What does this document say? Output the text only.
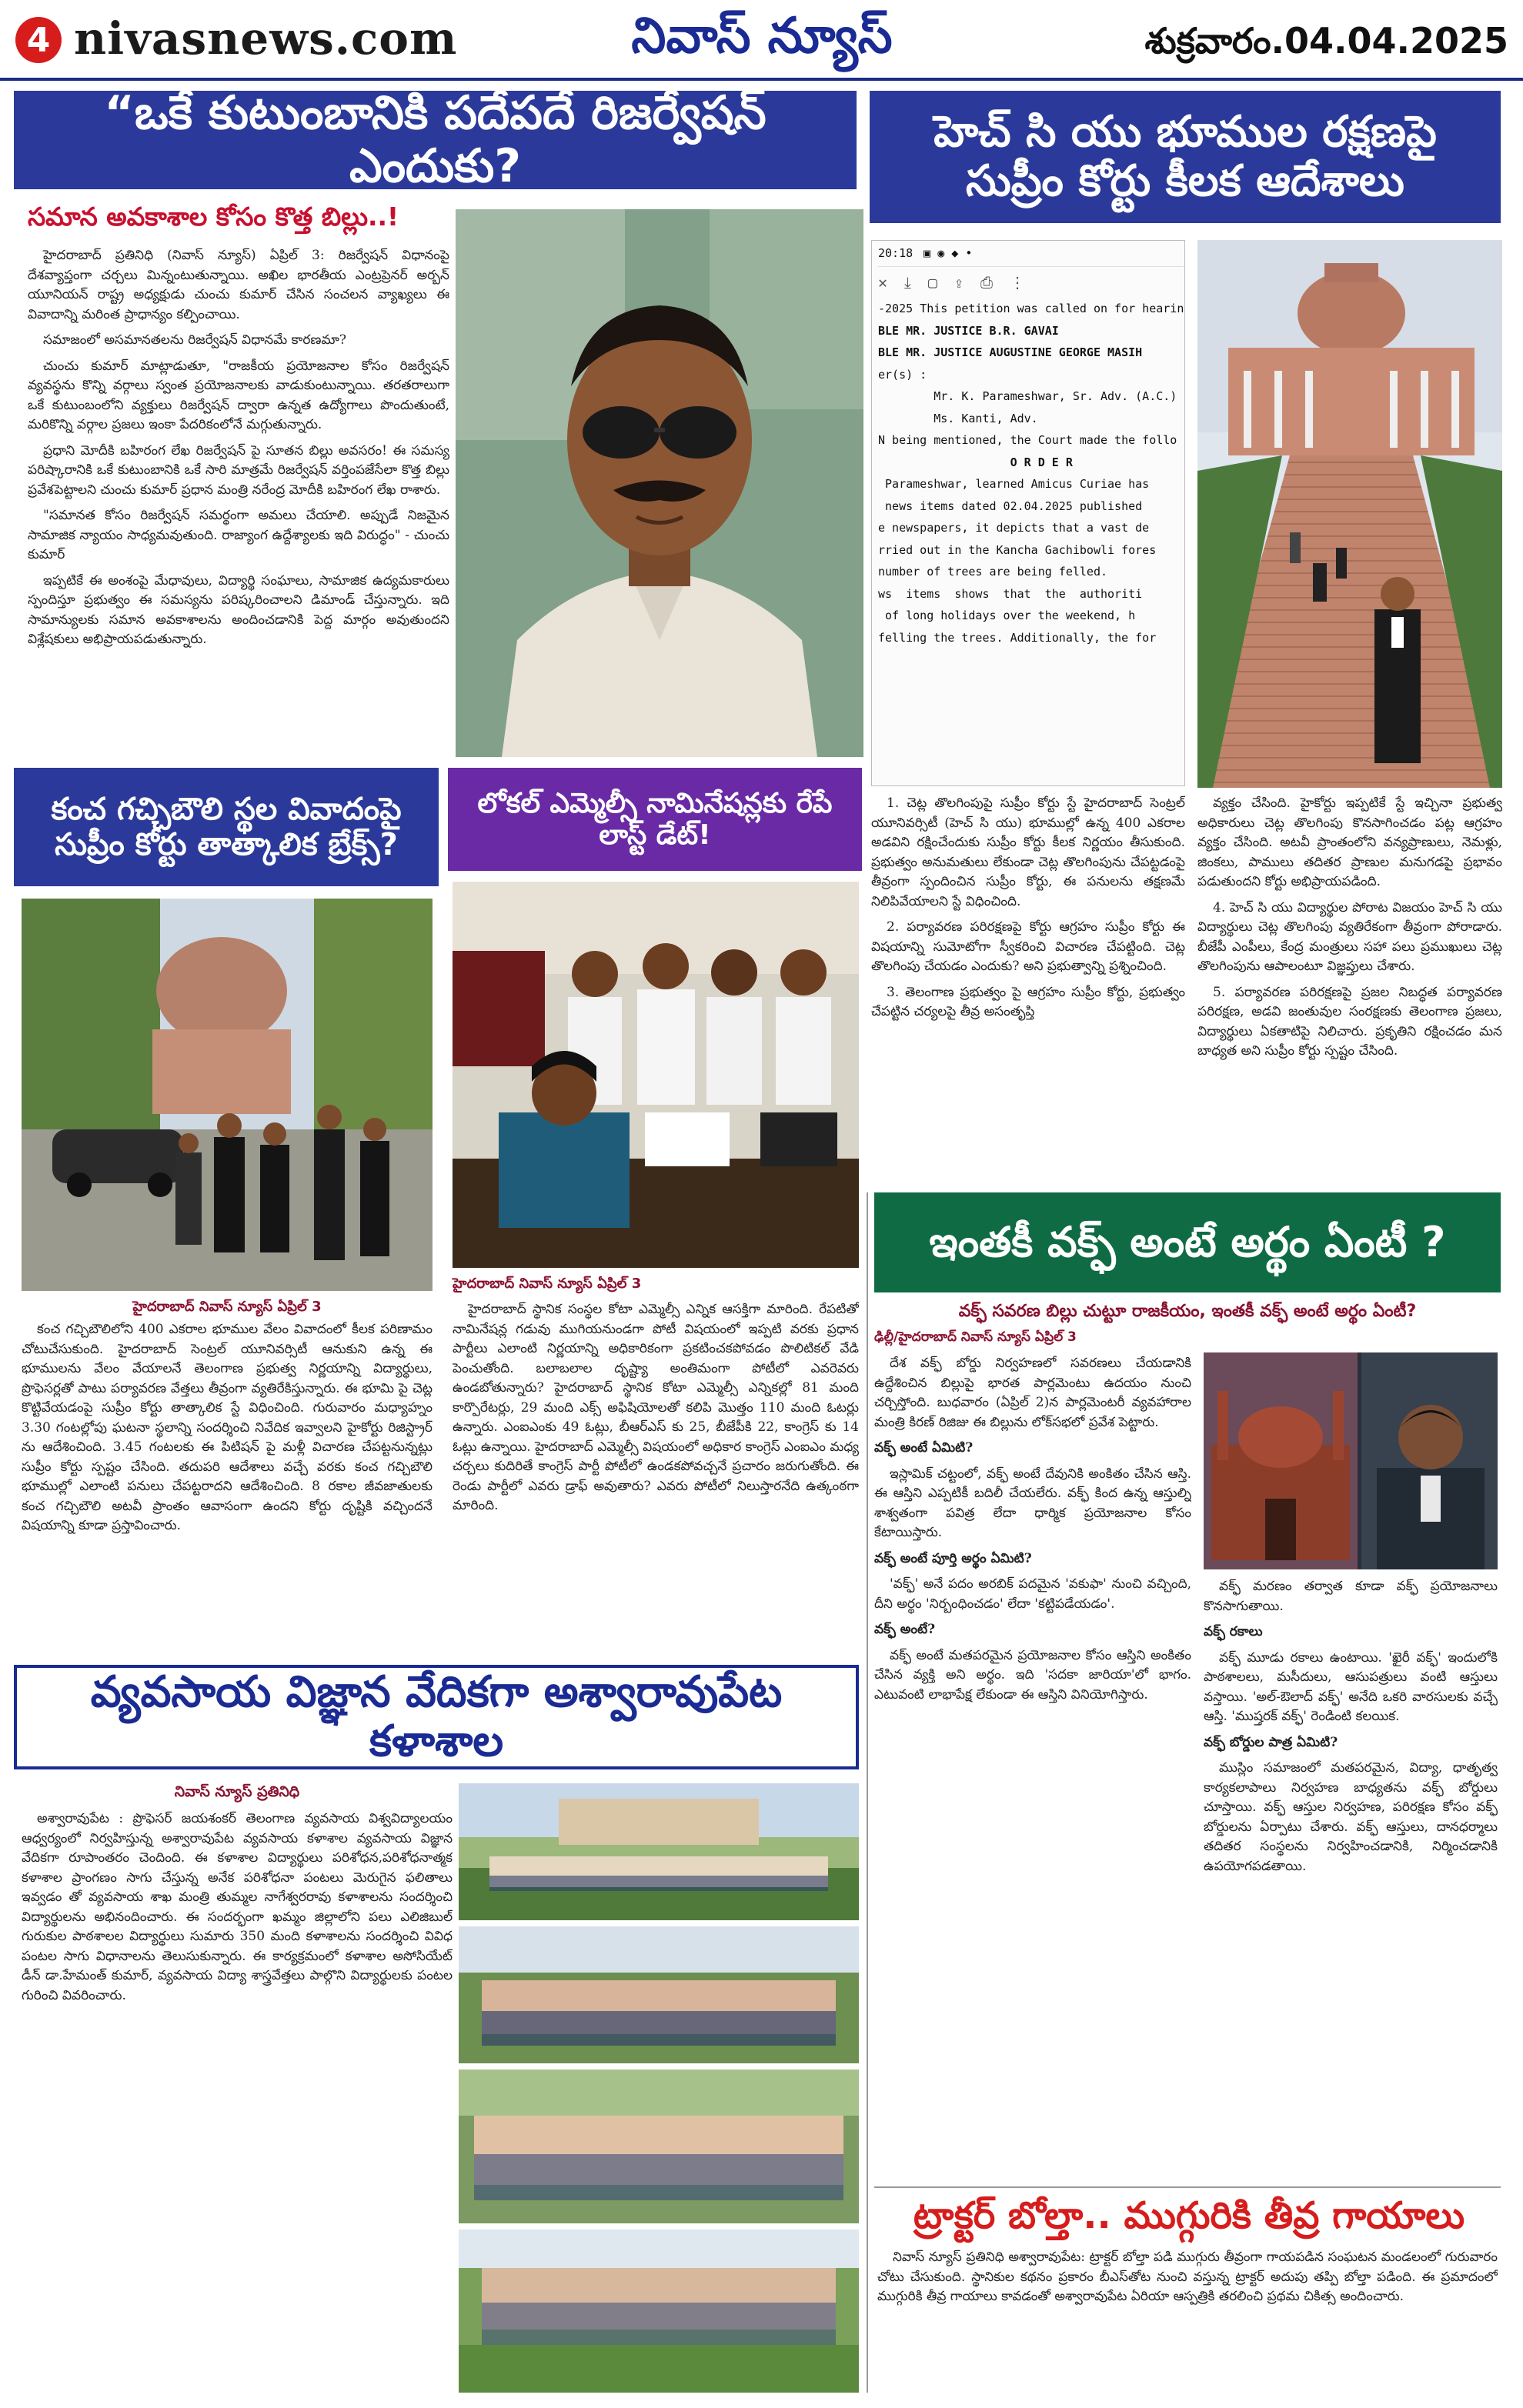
4 nivasnews.com	నివాస్ న్యూస్	శుక్రవారం.04.04.2025
“ఒకే కుటుంబానికి పదేపదే రిజర్వేషన్ ఎందుకు?
సమాన అవకాశాల కోసం కొత్త బిల్లు..!

హైదరాబాద్ ప్రతినిధి (నివాస్ న్యూస్) ఏప్రిల్ 3: రిజర్వేషన్ విధానంపై దేశవ్యాప్తంగా చర్చలు మిన్నంటుతున్నాయి. అఖిల భారతీయ ఎంట్రప్రెనర్ అర్బన్ యూనియన్ రాష్ట్ర అధ్యక్షుడు చుంచు కుమార్ చేసిన సంచలన వ్యాఖ్యలు ఈ వివాదాన్ని మరింత ప్రాధాన్యం కల్పించాయి.

సమాజంలో అసమానతలను రిజర్వేషన్ విధానమే కారణమా?

చుంచు కుమార్ మాట్లాడుతూ, "రాజకీయ ప్రయోజనాల కోసం రిజర్వేషన్ వ్యవస్థను కొన్ని వర్గాలు స్వంత ప్రయోజనాలకు వాడుకుంటున్నాయి. తరతరాలుగా ఒకే కుటుంబంలోని వ్యక్తులు రిజర్వేషన్ ద్వారా ఉన్నత ఉద్యోగాలు పొందుతుంటే, మరికొన్ని వర్గాల ప్రజలు ఇంకా పేదరికంలోనే మగ్గుతున్నారు.

ప్రధాని మోదీకి బహిరంగ లేఖ రిజర్వేషన్ పై సూతన బిల్లు అవసరం! ఈ సమస్య పరిష్కారానికి ఒకే కుటుంబానికి ఒకే సారి మాత్రమే రిజర్వేషన్ వర్తింపజేసేలా కొత్త బిల్లు ప్రవేశపెట్టాలని చుంచు కుమార్ ప్రధాన మంత్రి నరేంద్ర మోదీకి బహిరంగ లేఖ రాశారు.

"సమానత కోసం రిజర్వేషన్ సమర్థంగా అమలు చేయాలి. అప్పుడే నిజమైన సామాజిక న్యాయం సాధ్యమవుతుంది. రాజ్యాంగ ఉద్దేశ్యాలకు ఇది విరుద్ధం" - చుంచు కుమార్

ఇప్పటికే ఈ అంశంపై మేధావులు, విద్యార్థి సంఘాలు, సామాజిక ఉద్యమకారులు స్పందిస్తూ ప్రభుత్వం ఈ సమస్యను పరిష్కరించాలని డిమాండ్ చేస్తున్నారు. ఇది సామాన్యులకు సమాన అవకాశాలను అందించడానికి పెద్ద మార్గం అవుతుందని విశ్లేషకులు అభిప్రాయపడుతున్నారు.

హెచ్ సి యు భూముల రక్షణపై సుప్రీం కోర్టు కీలక ఆదేశాలు
20:18 ▣ ◉ ◆ •
✕ ⤓ ▢ ⇪ ⎙ ⋮
-2025 This petition was called on for hearin
BLE MR. JUSTICE B.R. GAVAI
BLE MR. JUSTICE AUGUSTINE GEORGE MASIH
er(s) :
Mr. K. Parameshwar, Sr. Adv. (A.C.)
Ms. Kanti, Adv.
N being mentioned, the Court made the follo
O R D E R
Parameshwar, learned Amicus Curiae has
news items dated 02.04.2025 published
e newspapers, it depicts that a vast de
rried out in the Kancha Gachibowli fores
number of trees are being felled.
ws  items  shows  that  the  authoriti
of long holidays over the weekend, h
felling the trees. Additionally, the for

1. చెట్ల తొలగింపుపై సుప్రీం కోర్టు స్టే హైదరాబాద్ సెంట్రల్ యూనివర్సిటీ (హెచ్ సి యు) భూముల్లో ఉన్న 400 ఎకరాల అడవిని రక్షించేందుకు సుప్రీం కోర్టు కీలక నిర్ణయం తీసుకుంది. ప్రభుత్వం అనుమతులు లేకుండా చెట్ల తొలగింపును చేపట్టడంపై తీవ్రంగా స్పందించిన సుప్రీం కోర్టు, ఈ పనులను తక్షణమే నిలిపివేయాలని స్టే విధించింది.

2. పర్యావరణ పరిరక్షణపై కోర్టు ఆగ్రహం సుప్రీం కోర్టు ఈ విషయాన్ని సుమోటోగా స్వీకరించి విచారణ చేపట్టింది. చెట్ల తొలగింపు చేయడం ఎందుకు? అని ప్రభుత్వాన్ని ప్రశ్నించింది.

3. తెలంగాణ ప్రభుత్వం పై ఆగ్రహం సుప్రీం కోర్టు, ప్రభుత్వం చేపట్టిన చర్యలపై తీవ్ర అసంతృప్తి

వ్యక్తం చేసింది. హైకోర్టు ఇప్పటికే స్టే ఇచ్చినా ప్రభుత్వ అధికారులు చెట్ల తొలగింపు కొనసాగించడం పట్ల ఆగ్రహం వ్యక్తం చేసింది. అటవీ ప్రాంతంలోని వన్యప్రాణులు, నెమళ్లు, జింకలు, పాములు తదితర ప్రాణుల మనుగడపై ప్రభావం పడుతుందని కోర్టు అభిప్రాయపడింది.

4. హెచ్ సి యు విద్యార్థుల పోరాట విజయం హెచ్ సి యు విద్యార్థులు చెట్ల తొలగింపు వ్యతిరేకంగా తీవ్రంగా పోరాడారు. బీజేపీ ఎంపీలు, కేంద్ర మంత్రులు సహా పలు ప్రముఖులు చెట్ల తొలగింపును ఆపాలంటూ విజ్ఞప్తులు చేశారు.

5. పర్యావరణ పరిరక్షణపై ప్రజల నిబద్ధత పర్యావరణ పరిరక్షణ, అడవి జంతువుల సంరక్షణకు తెలంగాణ ప్రజలు, విద్యార్థులు ఏకతాటిపై నిలిచారు. ప్రకృతిని రక్షించడం మన బాధ్యత అని సుప్రీం కోర్టు స్పష్టం చేసింది.

కంచ గచ్చిబౌలి స్థల వివాదంపై సుప్రీం కోర్టు తాత్కాలిక బ్రేక్స్?
హైదరాబాద్ నివాస్ న్యూస్ ఏప్రిల్ 3

కంచ గచ్చిబౌలిలోని 400 ఎకరాల భూముల వేలం వివాదంలో కీలక పరిణామం చోటుచేసుకుంది. హైదరాబాద్ సెంట్రల్ యూనివర్సిటీ ఆనుకుని ఉన్న ఈ భూములను వేలం వేయాలనే తెలంగాణ ప్రభుత్వ నిర్ణయాన్ని విద్యార్థులు, ప్రొఫెసర్లతో పాటు పర్యావరణ వేత్తలు తీవ్రంగా వ్యతిరేకిస్తున్నారు. ఈ భూమి పై చెట్ల కొట్టివేయడంపై సుప్రీం కోర్టు తాత్కాలిక స్టే విధించింది. గురువారం మధ్యాహ్నం 3.30 గంటల్లోపు ఘటనా స్థలాన్ని సందర్శించి నివేదిక ఇవ్వాలని హైకోర్టు రిజిస్ట్రార్ ను ఆదేశించింది. 3.45 గంటలకు ఈ పిటిషన్ పై మళ్లీ విచారణ చేపట్టనున్నట్లు సుప్రీం కోర్టు స్పష్టం చేసింది. తదుపరి ఆదేశాలు వచ్చే వరకు కంచ గచ్చిబౌలి భూముల్లో ఎలాంటి పనులు చేపట్టరాదని ఆదేశించింది. 8 రకాల జీవజాతులకు కంచ గచ్చిబౌలి అటవీ ప్రాంతం ఆవాసంగా ఉందని కోర్టు దృష్టికి వచ్చిందనే విషయాన్ని కూడా ప్రస్తావించారు.

లోకల్ ఎమ్మెల్సీ నామినేషన్లకు రేపే లాస్ట్ డేట్!
హైదరాబాద్ నివాస్ న్యూస్ ఏప్రిల్ 3

హైదరాబాద్ స్థానిక సంస్థల కోటా ఎమ్మెల్సీ ఎన్నిక ఆసక్తిగా మారింది. రేపటితో నామినేషన్ల గడువు ముగియనుండగా పోటీ విషయంలో ఇప్పటి వరకు ప్రధాన పార్టీలు ఎలాంటి నిర్ణయాన్ని అధికారికంగా ప్రకటించకపోవడం పొలిటికల్ వేడి పెంచుతోంది. బలాబలాల దృష్ట్యా అంతిమంగా పోటీలో ఎవరెవరు ఉండబోతున్నారు? హైదరాబాద్ స్థానిక కోటా ఎమ్మెల్సీ ఎన్నికల్లో 81 మంది కార్పొరేటర్లు, 29 మంది ఎక్స్ అఫిషియోలతో కలిపి మొత్తం 110 మంది ఓటర్లు ఉన్నారు. ఎంఐఎంకు 49 ఓట్లు, బీఆర్ఎస్ కు 25, బీజేపీకి 22, కాంగ్రెస్ కు 14 ఓట్లు ఉన్నాయి. హైదరాబాద్ ఎమ్మెల్సీ విషయంలో అధికార కాంగ్రెస్ ఎంఐఎం మధ్య చర్చలు కుదిరితే కాంగ్రెస్ పార్టీ పోటీలో ఉండకపోవచ్చనే ప్రచారం జరుగుతోంది. ఈ రెండు పార్టీలో ఎవరు డ్రాఫ్ అవుతారు? ఎవరు పోటీలో నిలుస్తారనేది ఉత్కంఠగా మారింది.

ఇంతకీ వక్ఫ్ అంటే అర్థం ఏంటీ ?
వక్ఫ్ సవరణ బిల్లు చుట్టూ రాజకీయం, ఇంతకీ వక్ఫ్ అంటే అర్థం ఏంటీ?
ఢిల్లీ/హైదరాబాద్ నివాస్ న్యూస్ ఏప్రిల్ 3

దేశ వక్ఫ్ బోర్డు నిర్వహణలో సవరణలు చేయడానికి ఉద్దేశించిన బిల్లుపై భారత పార్లమెంటు ఉదయం నుంచి చర్చిస్తోంది. బుధవారం (ఏప్రిల్ 2)న పార్లమెంటరీ వ్యవహారాల మంత్రి కిరణ్ రిజిజు ఈ బిల్లును లోక్‌సభలో ప్రవేశ పెట్టారు.

వక్ఫ్ అంటే ఏమిటి?

ఇస్లామిక్ చట్టంలో, వక్ఫ్ అంటే దేవునికి అంకితం చేసిన ఆస్తి. ఈ ఆస్తిని ఎప్పటికీ బదిలీ చేయలేరు. వక్ఫ్ కింద ఉన్న ఆస్తుల్ని శాశ్వతంగా పవిత్ర లేదా ధార్మిక ప్రయోజనాల కోసం కేటాయిస్తారు.

వక్ఫ్ అంటే పూర్తి అర్థం ఏమిటి?

'వక్ఫ్' అనే పదం అరబిక్ పదమైన 'వకుఫా' నుంచి వచ్చింది, దీని అర్థం 'నిర్బంధించడం' లేదా 'కట్టిపడేయడం'.

వక్ఫ్ అంటే?

వక్ఫ్ అంటే మతపరమైన ప్రయోజనాల కోసం ఆస్తిని అంకితం చేసిన వ్యక్తి అని అర్థం. ఇది 'సదకా జారియా'లో భాగం. ఎటువంటి లాభాపేక్ష లేకుండా ఈ ఆస్తిని వినియోగిస్తారు.

వక్ఫ్ మరణం తర్వాత కూడా వక్ఫ్ ప్రయోజనాలు కొనసాగుతాయి.

వక్ఫ్ రకాలు

వక్ఫ్ మూడు రకాలు ఉంటాయి. 'ఖైరీ వక్ఫ్' ఇందులోకి పాఠశాలలు, మసీదులు, ఆసుపత్రులు వంటి ఆస్తులు వస్తాయి. 'అల్-ఔలాద్ వక్ఫ్' అనేది ఒకరి వారసులకు వచ్చే ఆస్తి. 'ముష్తరక్ వక్ఫ్' రెండింటి కలయిక.

వక్ఫ్ బోర్డుల పాత్ర ఏమిటి?

ముస్లిం సమాజంలో మతపరమైన, విద్యా, ధాతృత్వ కార్యకలాపాలు నిర్వహణ బాధ్యతను వక్ఫ్ బోర్డులు చూస్తాయి. వక్ఫ్ ఆస్తుల నిర్వహణ, పరిరక్షణ కోసం వక్ఫ్ బోర్డులను ఏర్పాటు చేశారు. వక్ఫ్ ఆస్తులు, దానధర్మాలు తదితర సంస్థలను నిర్వహించడానికి, నిర్మించడానికి ఉపయోగపడతాయి.

వ్యవసాయ విజ్ఞాన వేదికగా అశ్వారావుపేట కళాశాల
నివాస్ న్యూస్ ప్రతినిధి

అశ్వారావుపేట : ప్రొఫెసర్ జయశంకర్ తెలంగాణ వ్యవసాయ విశ్వవిద్యాలయం ఆధ్వర్యంలో నిర్వహిస్తున్న అశ్వారావుపేట వ్యవసాయ కళాశాల వ్యవసాయ విజ్ఞాన వేదికగా రూపాంతరం చెందింది. ఈ కళాశాల విద్యార్థులు పరిశోధన,పరిశోధనాత్మక కళాశాల ప్రాంగణం సాగు చేస్తున్న అనేక పరిశోధనా పంటలు మెరుగైన ఫలితాలు ఇవ్వడం తో వ్యవసాయ శాఖ మంత్రి తుమ్మల నాగేశ్వరరావు కళాశాలను సందర్శించి విద్యార్థులను అభినందించారు. ఈ సందర్భంగా ఖమ్మం జిల్లాలోని పలు ఎలిజిబుల్ గురుకుల పాఠశాలల విద్యార్థులు సుమారు 350 మంది కళాశాలను సందర్శించి వివిధ పంటల సాగు విధానాలను తెలుసుకున్నారు. ఈ కార్యక్రమంలో కళాశాల అసోసియేట్ డీన్ డా.హేమంత్ కుమార్, వ్యవసాయ విద్యా శాస్త్రవేత్తలు పాల్గొని విద్యార్థులకు పంటల గురించి వివరించారు.

ట్రాక్టర్ బోల్తా.. ముగ్గురికి తీవ్ర గాయాలు

నివాస్ న్యూస్ ప్రతినిధి అశ్వారావుపేట: ట్రాక్టర్ బోల్తా పడి ముగ్గురు తీవ్రంగా గాయపడిన సంఘటన మండలంలో గురువారం చోటు చేసుకుంది. స్థానికుల కథనం ప్రకారం బీఎస్‌తోట నుంచి వస్తున్న ట్రాక్టర్ అదుపు తప్పి బోల్తా పడింది. ఈ ప్రమాదంలో ముగ్గురికి తీవ్ర గాయాలు కావడంతో అశ్వారావుపేట ఏరియా ఆస్పత్రికి తరలించి ప్రథమ చికిత్స అందించారు.
